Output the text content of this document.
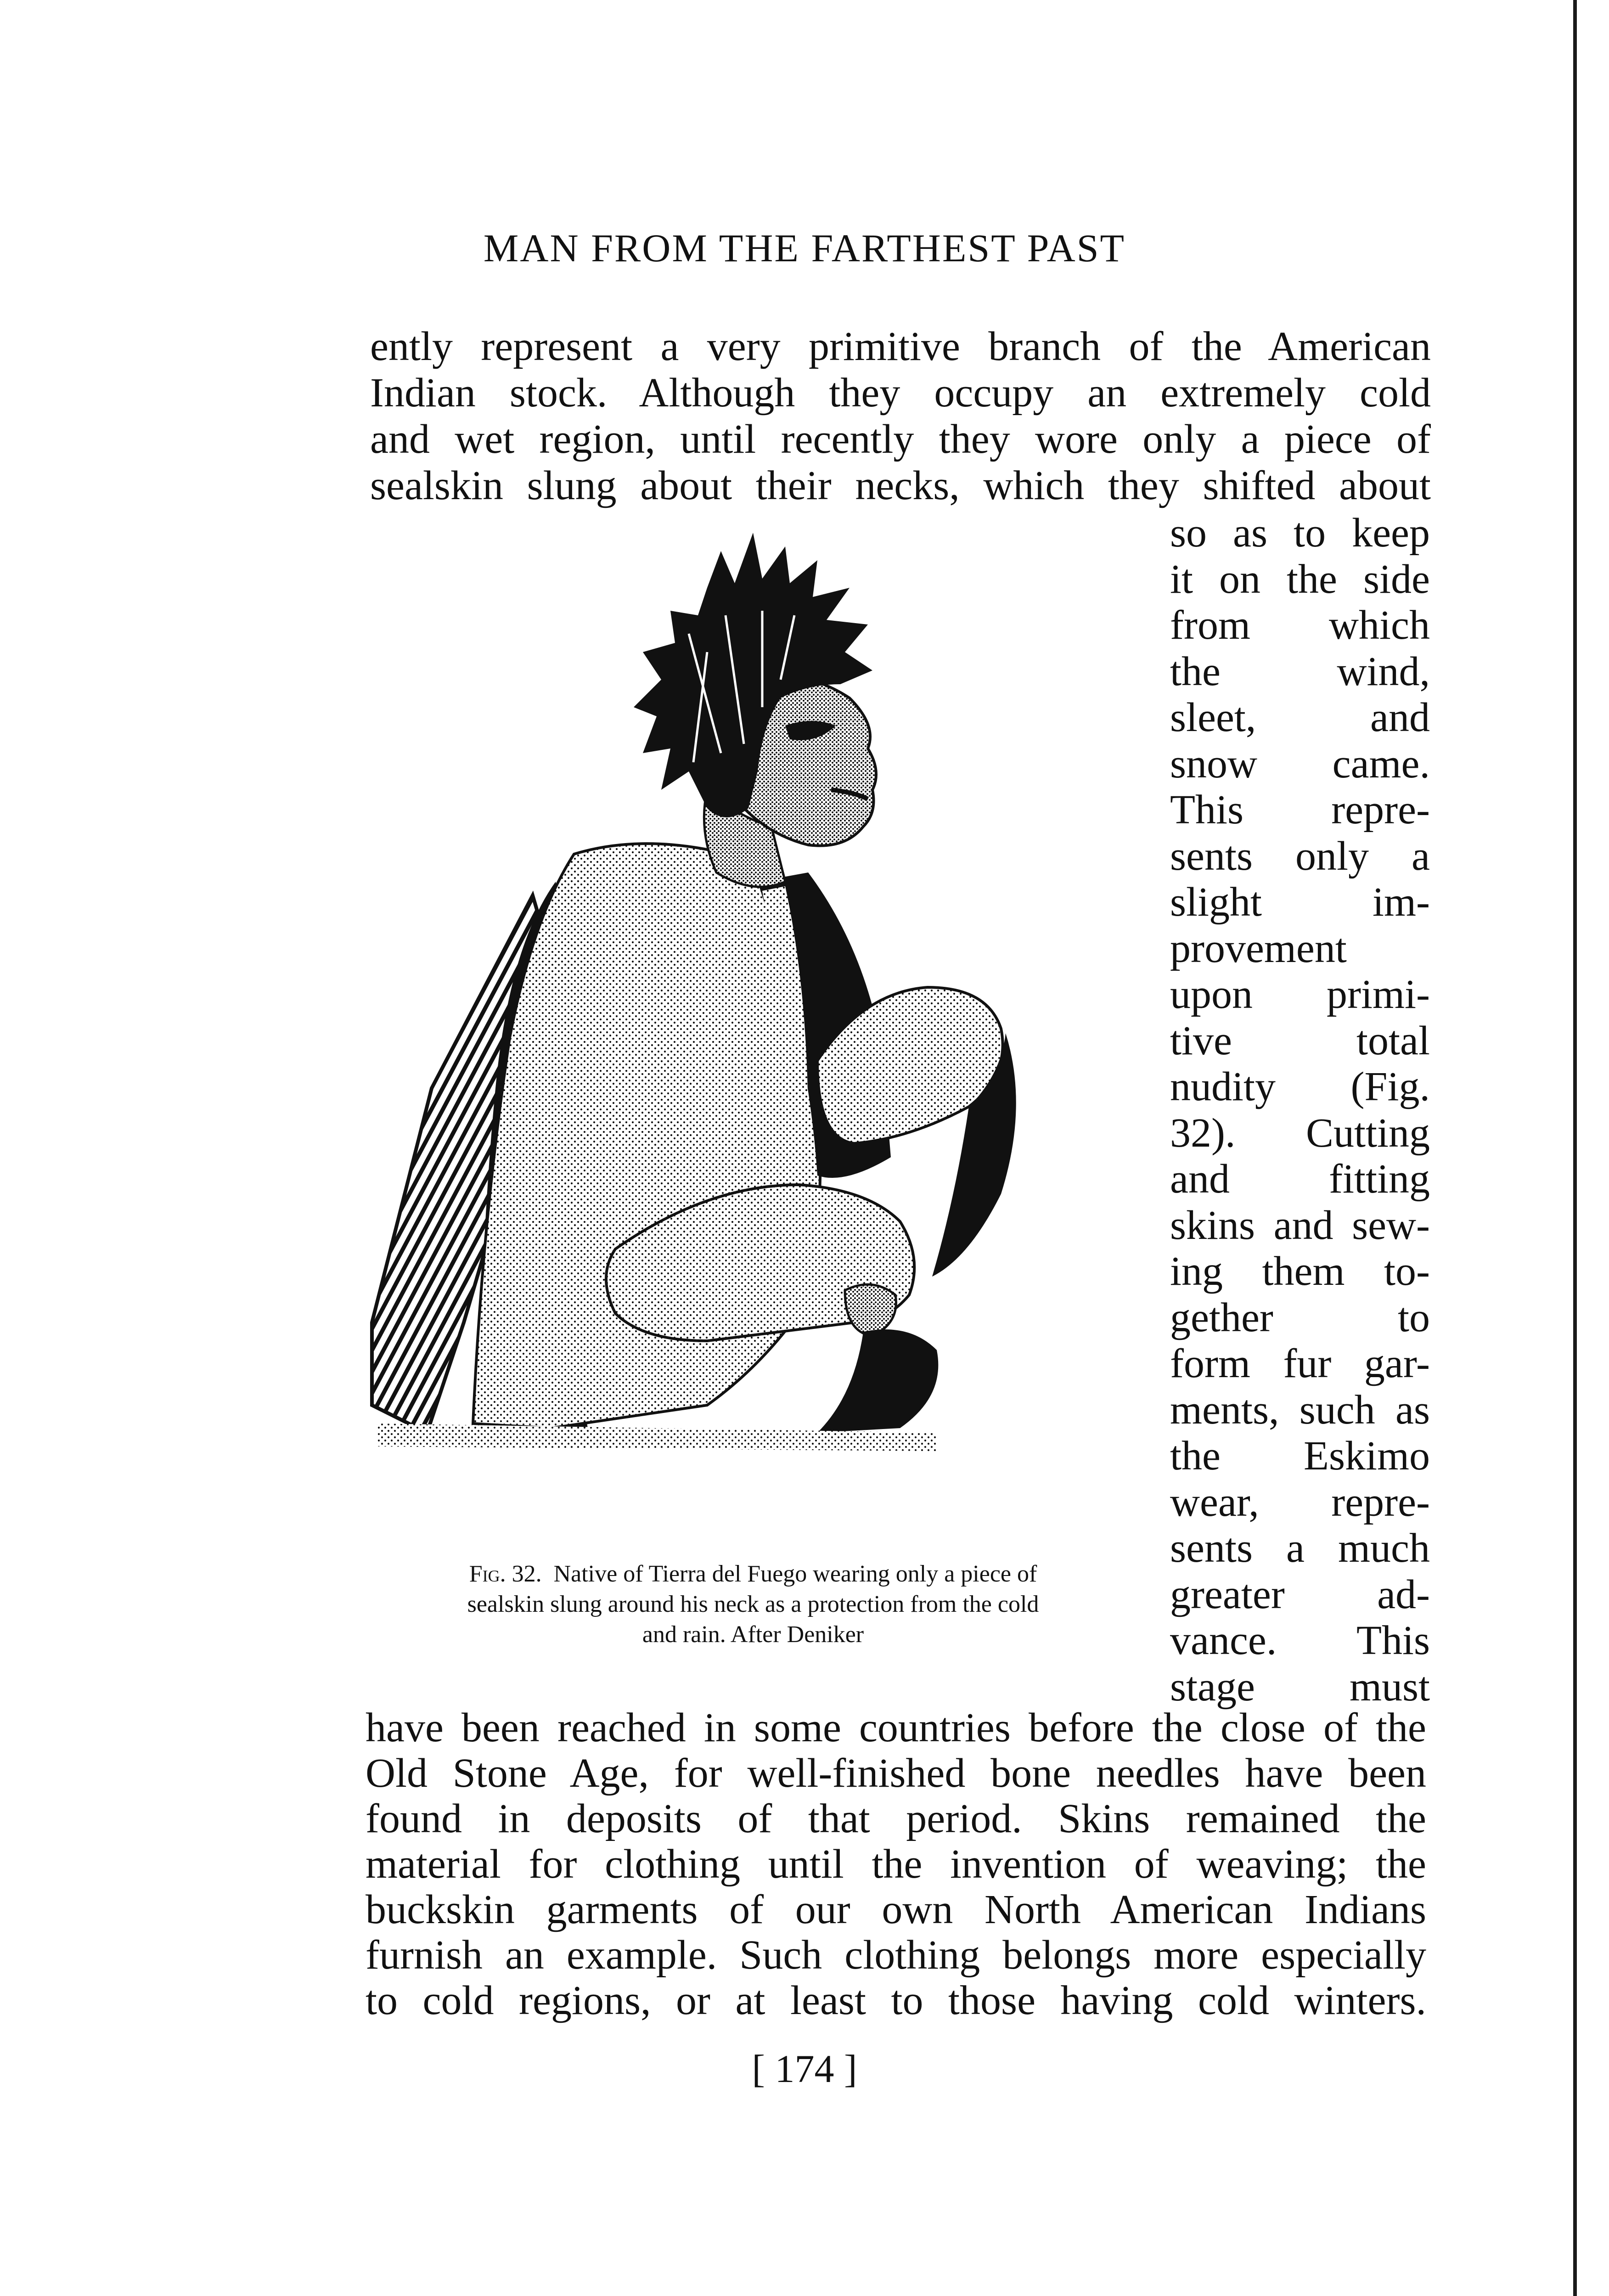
MAN FROM THE FARTHEST PAST
ently represent a very primitive branch of the American
Indian stock. Although they occupy an extremely cold
and wet region, until recently they wore only a piece of
sealskin slung about their necks, which they shifted about
so as to keep
it on the side
from which
the wind,
sleet, and
snow came.
This repre-
sents only a
slight im-
provement
upon primi-
tive total
nudity (Fig.
32). Cutting
and fitting
skins and sew-
ing them to-
gether to
form fur gar-
ments, such as
the Eskimo
wear, repre-
sents a much
greater ad-
vance. This
stage must
have been reached in some countries before the close of the
Old Stone Age, for well-finished bone needles have been
found in deposits of that period. Skins remained the
material for clothing until the invention of weaving; the
buckskin garments of our own North American Indians
furnish an example. Such clothing belongs more especially
to cold regions, or at least to those having cold winters.
Fig. 32. Native of Tierra del Fuego wearing only a piece of
sealskin slung around his neck as a protection from the cold
and rain. After Deniker
[ 174 ]
